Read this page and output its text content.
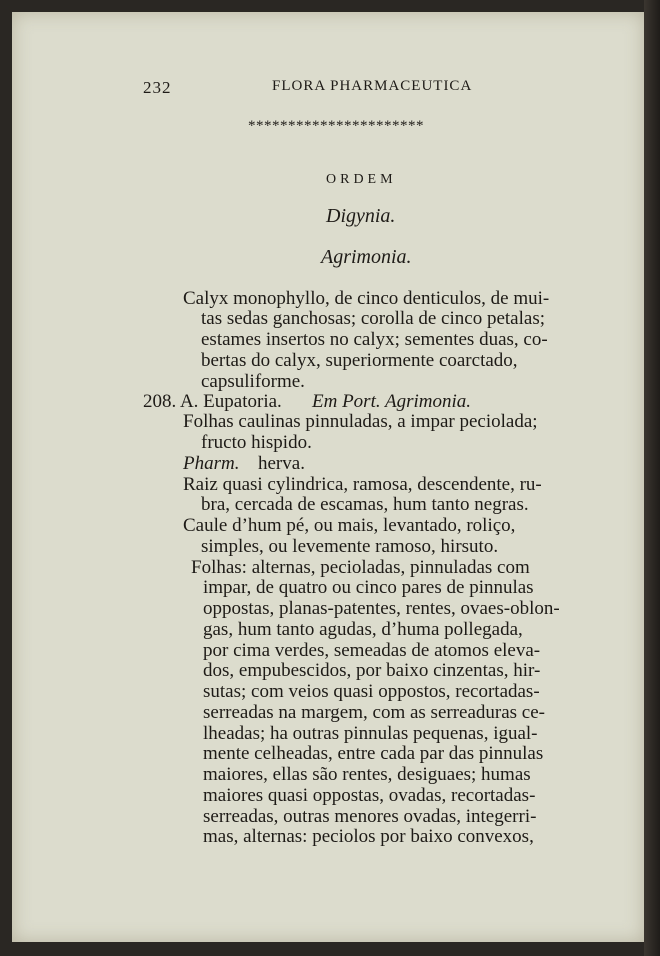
232	FLORA PHARMACEUTICA
**********************
ORDEM
Digynia.
Agrimonia.
Calyx monophyllo, de cinco denticulos, de mui-
tas sedas ganchosas; corolla de cinco petalas;
estames insertos no calyx; sementes duas, co-
bertas do calyx, superiormente coarctado,
capsuliforme.
208. A. Eupatoria. Em Port. Agrimonia.
Folhas caulinas pinnuladas, a impar peciolada;
fructo hispido.
Pharm. herva.
Raiz quasi cylindrica, ramosa, descendente, ru-
bra, cercada de escamas, hum tanto negras.
Caule d’hum pé, ou mais, levantado, roliço,
simples, ou levemente ramoso, hirsuto.
Folhas: alternas, pecioladas, pinnuladas com
impar, de quatro ou cinco pares de pinnulas
oppostas, planas-patentes, rentes, ovaes-oblon-
gas, hum tanto agudas, d’huma pollegada,
por cima verdes, semeadas de atomos eleva-
dos, empubescidos, por baixo cinzentas, hir-
sutas; com veios quasi oppostos, recortadas-
serreadas na margem, com as serreaduras ce-
lheadas; ha outras pinnulas pequenas, igual-
mente celheadas, entre cada par das pinnulas
maiores, ellas são rentes, desiguaes; humas
maiores quasi oppostas, ovadas, recortadas-
serreadas, outras menores ovadas, integerri-
mas, alternas: peciolos por baixo convexos,
